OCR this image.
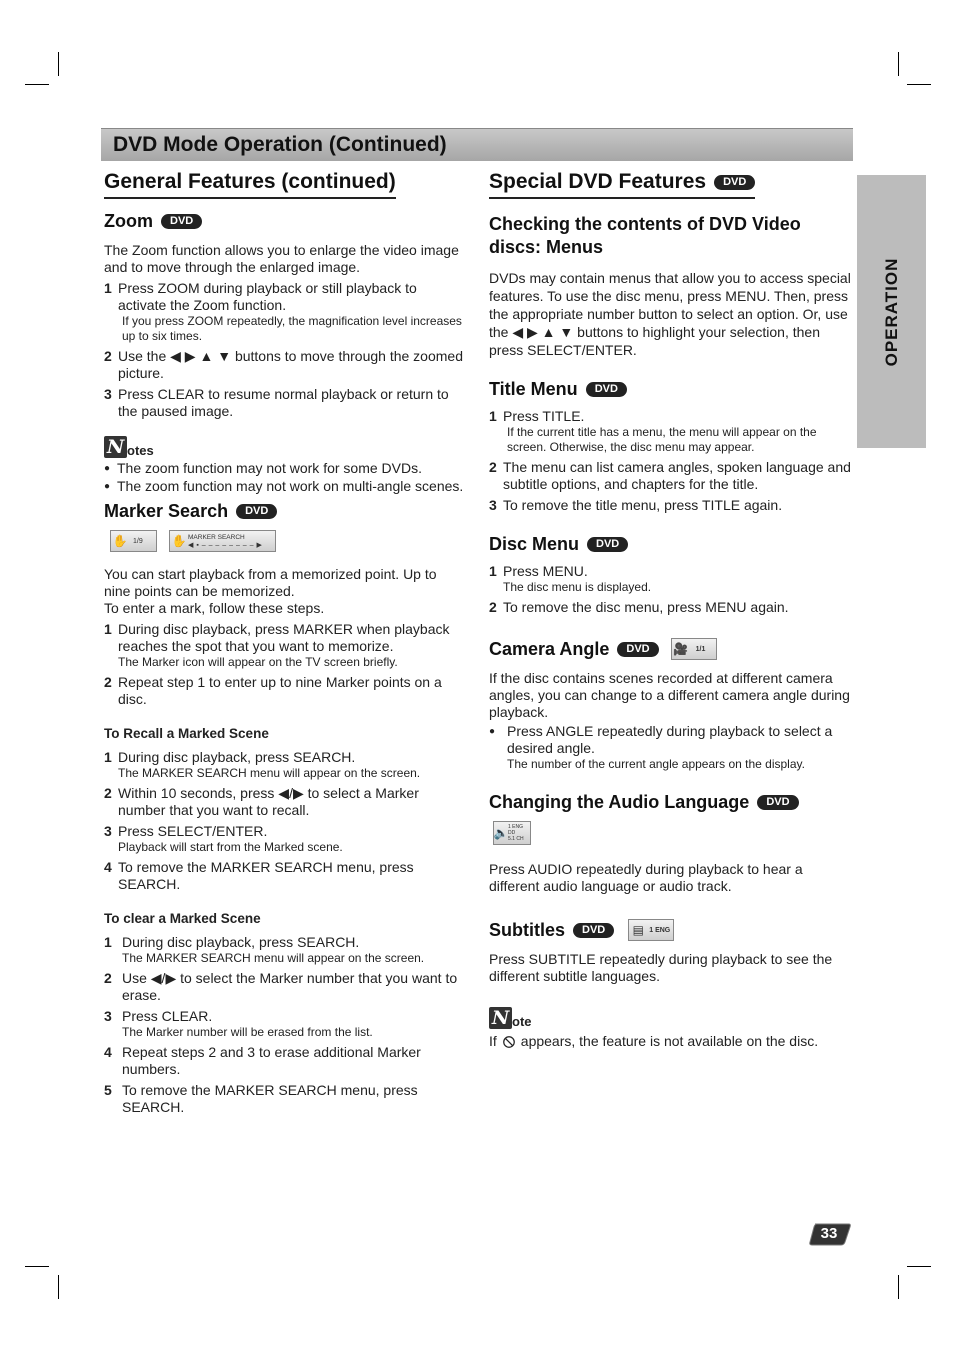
DVD Mode Operation (Continued)
OPERATION
General Features (continued)
Zoom	DVD

The Zoom function allows you to enlarge the video image and to move through the enlarged image.

1 Press ZOOM during playback or still playback to activate the Zoom function.
If you press ZOOM repeatedly, the magnification level increases up to six times.
2 Use the ◀ ▶ ▲ ▼ buttons to move through the zoomed picture.
3 Press CLEAR to resume normal playback or return to the paused image.
N otes
● The zoom function may not work for some DVDs.
● The zoom function may not work on multi-angle scenes.
Marker Search	DVD
✋ 1/9 ✋ MARKER SEARCH
◀ ▪ – – – – – – – – ▶

You can start playback from a memorized point. Up to nine points can be memorized.

To enter a mark, follow these steps.

1 During disc playback, press MARKER when playback reaches the spot that you want to memorize.
The Marker icon will appear on the TV screen briefly.
2 Repeat step 1 to enter up to nine Marker points on a disc.
To Recall a Marked Scene
1 During disc playback, press SEARCH.
The MARKER SEARCH menu will appear on the screen.
2 Within 10 seconds, press ◀/▶ to select a Marker number that you want to recall.
3 Press SELECT/ENTER.
Playback will start from the Marked scene.
4 To remove the MARKER SEARCH menu, press SEARCH.
To clear a Marked Scene
1 During disc playback, press SEARCH.
The MARKER SEARCH menu will appear on the screen.
2 Use ◀/▶ to select the Marker number that you want to erase.
3 Press CLEAR.
The Marker number will be erased from the list.
4 Repeat steps 2 and 3 to erase additional Marker numbers.
5 To remove the MARKER SEARCH menu, press SEARCH.
Special DVD Features	DVD
Checking the contents of DVD Video discs: Menus

DVDs may contain menus that allow you to access special features. To use the disc menu, press MENU. Then, press the appropriate number button to select an option. Or, use the ◀ ▶ ▲ ▼ buttons to highlight your selection, then press SELECT/ENTER.

Title Menu	DVD
1 Press TITLE.
If the current title has a menu, the menu will appear on the screen. Otherwise, the disc menu may appear.
2 The menu can list camera angles, spoken language and subtitle options, and chapters for the title.
3 To remove the title menu, press TITLE again.
Disc Menu	DVD
1 Press MENU.
The disc menu is displayed.
2 To remove the disc menu, press MENU again.
Camera Angle	DVD	🎥 1/1

If the disc contains scenes recorded at different camera angles, you can change to a different camera angle during playback.

● Press ANGLE repeatedly during playback to select a desired angle.
The number of the current angle appears on the display.
Changing the Audio Language	DVD
🔈 1 ENG
DD
5.1 CH

Press AUDIO repeatedly during playback to hear a different audio language or audio track.

Subtitles	DVD	▤ 1 ENG

Press SUBTITLE repeatedly during playback to see the different subtitle languages.

N ote

If appears, the feature is not available on the disc.

33
